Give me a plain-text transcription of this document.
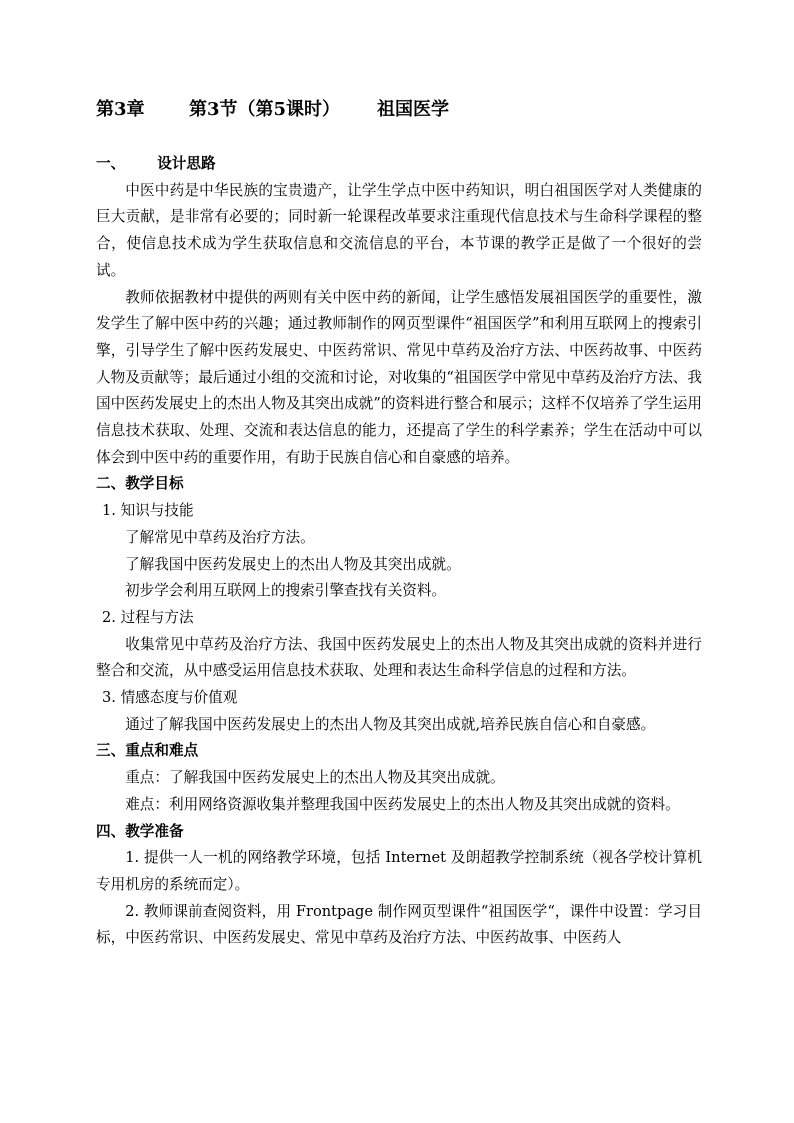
第3章 第3节（第5课时） 祖国医学
一、 设计思路
中医中药是中华民族的宝贵遗产，让学生学点中医中药知识，明白祖国医学对人类健康的巨大贡献，是非常有必要的；同时新一轮课程改革要求注重现代信息技术与生命科学课程的整合，使信息技术成为学生获取信息和交流信息的平台，本节课的教学正是做了一个很好的尝试。
教师依据教材中提供的两则有关中医中药的新闻，让学生感悟发展祖国医学的重要性，激发学生了解中医中药的兴趣；通过教师制作的网页型课件“祖国医学”和利用互联网上的搜索引擎，引导学生了解中医药发展史、中医药常识、常见中草药及治疗方法、中医药故事、中医药人物及贡献等；最后通过小组的交流和讨论，对收集的“祖国医学中常见中草药及治疗方法、我国中医药发展史上的杰出人物及其突出成就”的资料进行整合和展示；这样不仅培养了学生运用信息技术获取、处理、交流和表达信息的能力，还提高了学生的科学素养；学生在活动中可以体会到中医中药的重要作用，有助于民族自信心和自豪感的培养。
二、教学目标
1. 知识与技能
了解常见中草药及治疗方法。
了解我国中医药发展史上的杰出人物及其突出成就。
初步学会利用互联网上的搜索引擎查找有关资料。
2. 过程与方法
收集常见中草药及治疗方法、我国中医药发展史上的杰出人物及其突出成就的资料并进行整合和交流，从中感受运用信息技术获取、处理和表达生命科学信息的过程和方法。
3. 情感态度与价值观
通过了解我国中医药发展史上的杰出人物及其突出成就,培养民族自信心和自豪感。
三、重点和难点
重点：了解我国中医药发展史上的杰出人物及其突出成就。
难点：利用网络资源收集并整理我国中医药发展史上的杰出人物及其突出成就的资料。
四、教学准备
1. 提供一人一机的网络教学环境，包括 Internet 及朗超教学控制系统（视各学校计算机专用机房的系统而定）。
2. 教师课前查阅资料，用 Frontpage 制作网页型课件“祖国医学“，课件中设置：学习目标，中医药常识、中医药发展史、常见中草药及治疗方法、中医药故事、中医药人
